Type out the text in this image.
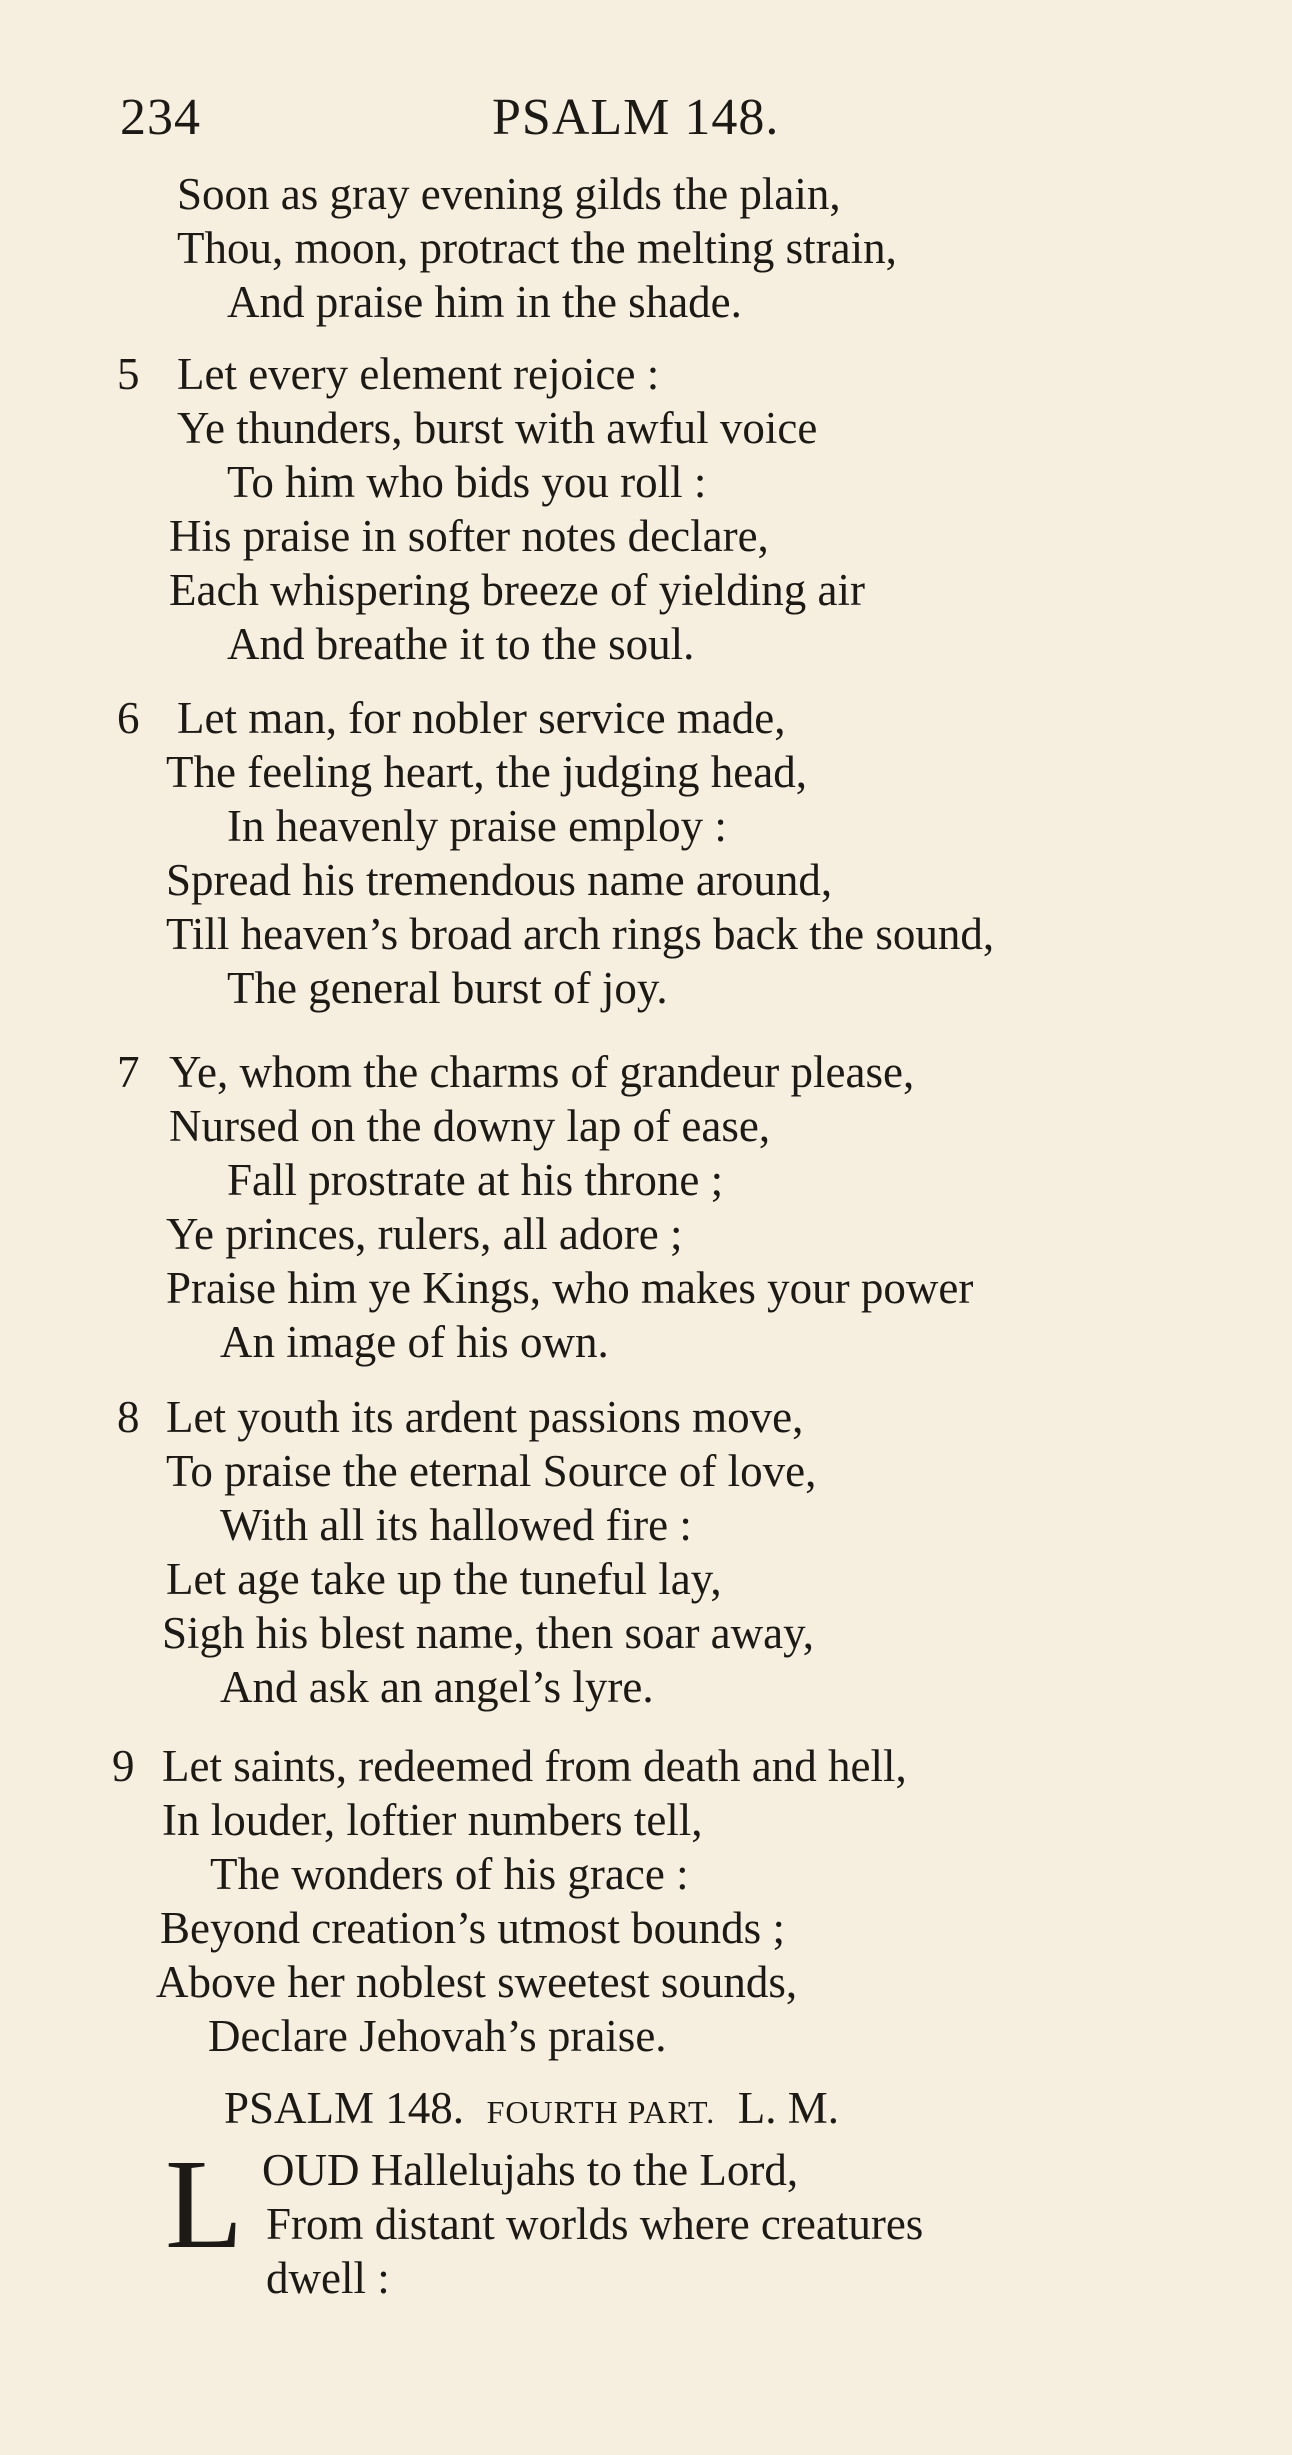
234	PSALM 148.
Soon as gray evening gilds the plain,
Thou, moon, protract the melting strain,
And praise him in the shade.
5 Let every element rejoice :
Ye thunders, burst with awful voice
To him who bids you roll :
His praise in softer notes declare,
Each whispering breeze of yielding air
And breathe it to the soul.
6 Let man, for nobler service made,
The feeling heart, the judging head,
In heavenly praise employ :
Spread his tremendous name around,
Till heaven’s broad arch rings back the sound,
The general burst of joy.
7 Ye, whom the charms of grandeur please,
Nursed on the downy lap of ease,
Fall prostrate at his throne ;
Ye princes, rulers, all adore ;
Praise him ye Kings, who makes your power
An image of his own.
8 Let youth its ardent passions move,
To praise the eternal Source of love,
With all its hallowed fire :
Let age take up the tuneful lay,
Sigh his blest name, then soar away,
And ask an angel’s lyre.
9 Let saints, redeemed from death and hell,
In louder, loftier numbers tell,
The wonders of his grace :
Beyond creation’s utmost bounds ;
Above her noblest sweetest sounds,
Declare Jehovah’s praise.
PSALM 148. FOURTH PART. L. M.
L OUD Hallelujahs to the Lord,
From distant worlds where creatures
dwell :
